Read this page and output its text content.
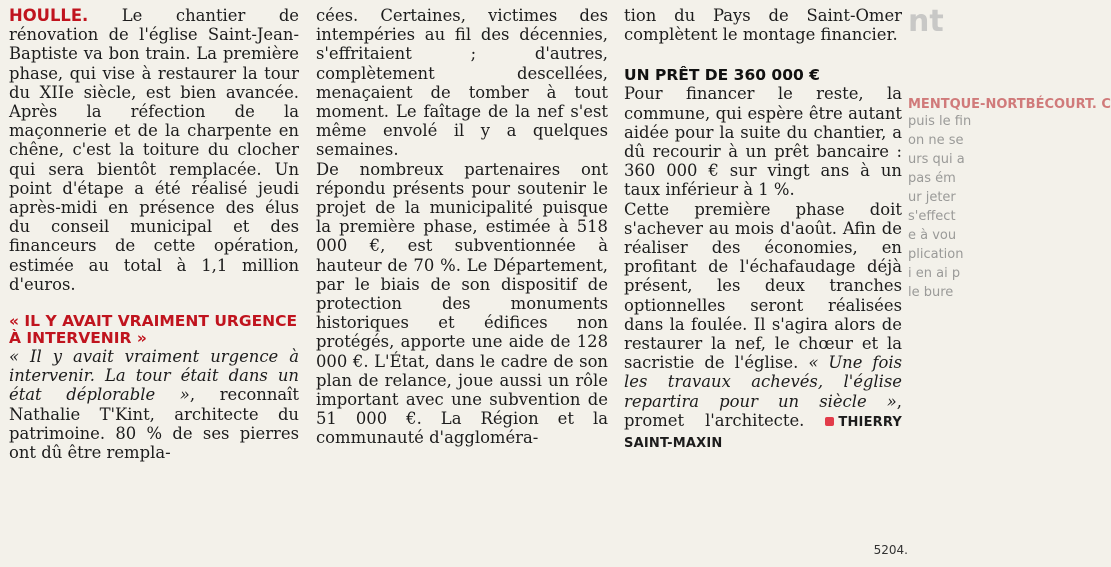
HOULLE. Le chantier de rénovation de l'église Saint-Jean-Baptiste va bon train. La première phase, qui vise à restaurer la tour du XIIe siècle, est bien avancée. Après la réfection de la maçonnerie et de la charpente en chêne, c'est la toiture du clocher qui sera bientôt remplacée. Un point d'étape a été réalisé jeudi après-midi en présence des élus du conseil municipal et des financeurs de cette opération, estimée au total à 1,1 million d'euros.

« IL Y AVAIT VRAIMENT URGENCE À INTERVENIR »

« Il y avait vraiment urgence à intervenir. La tour était dans un état déplorable », reconnaît Nathalie T'Kint, architecte du patrimoine. 80 % de ses pierres ont dû être rempla-

cées. Certaines, victimes des intempéries au fil des décennies, s'effritaient ; d'autres, complètement descellées, menaçaient de tomber à tout moment. Le faîtage de la nef s'est même envolé il y a quelques semaines.

De nombreux partenaires ont répondu présents pour soutenir le projet de la municipalité puisque la première phase, estimée à 518 000 €, est subventionnée à hauteur de 70 %. Le Département, par le biais de son dispositif de protection des monuments historiques et édifices non protégés, apporte une aide de 128 000 €. L'État, dans le cadre de son plan de relance, joue aussi un rôle important avec une subvention de 51 000 €. La Région et la communauté d'aggloméra-

tion du Pays de Saint-Omer complètent le montage financier.

UN PRÊT DE 360 000 €

Pour financer le reste, la commune, qui espère être autant aidée pour la suite du chantier, a dû recourir à un prêt bancaire : 360 000 € sur vingt ans à un taux inférieur à 1 %.

Cette première phase doit s'achever au mois d'août. Afin de réaliser des économies, en profitant de l'échafaudage déjà présent, les deux tranches optionnelles seront réalisées dans la foulée. Il s'agira alors de restaurer la nef, le chœur et la sacristie de l'église. « Une fois les travaux achevés, l'église repartira pour un siècle », promet l'architecte.	THIERRY SAINT-MAXIN

nt
MENTQUE-NORTBÉCOURT. C
puis le fin
on ne se
urs qui a
pas ém
ur jeter
s'effect
e à vou
plication
i en ai p
le bure
5204.
